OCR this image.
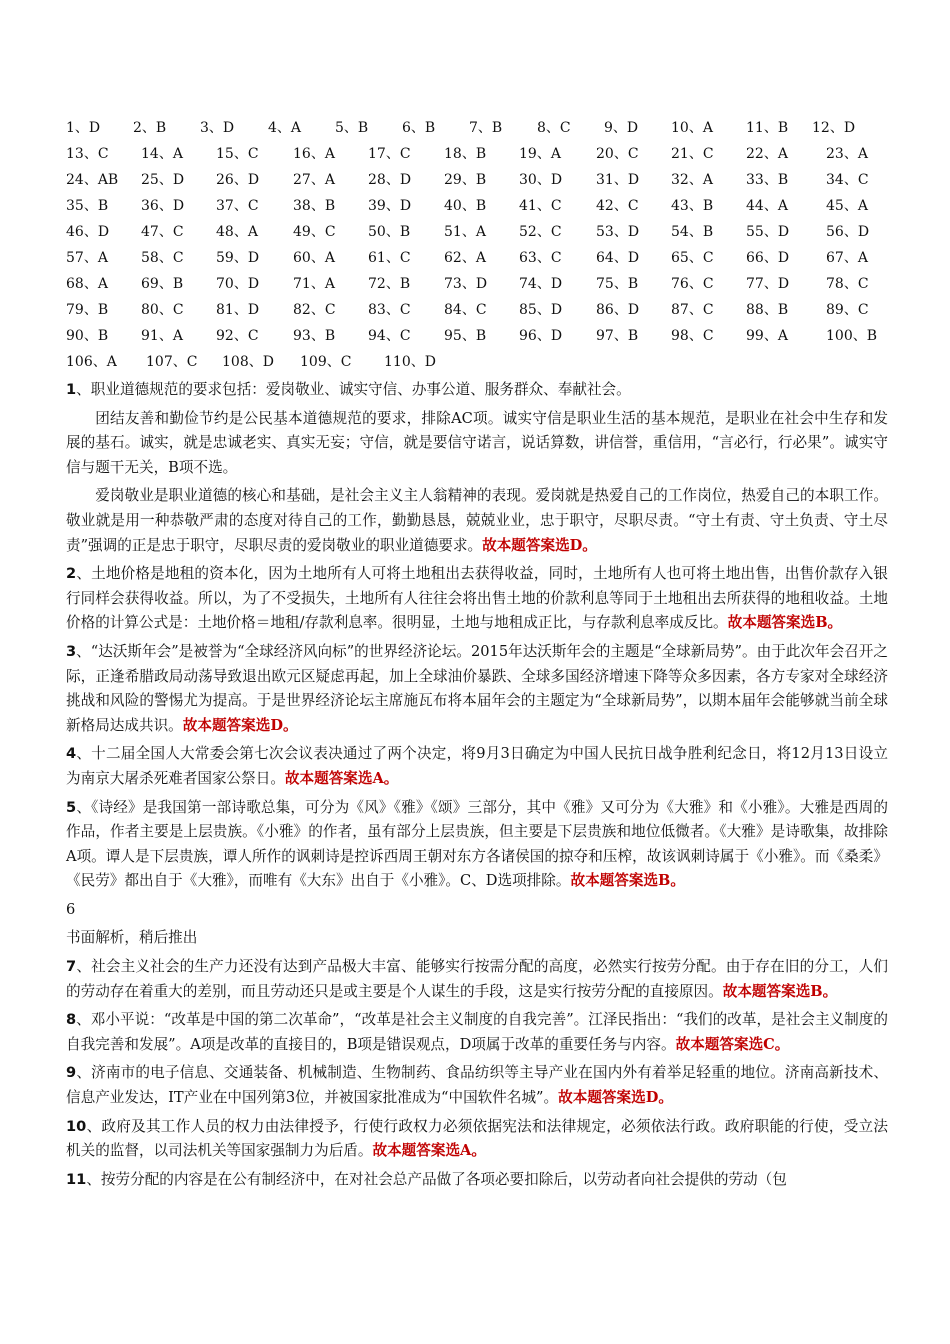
1、D 2、B 3、D 4、A 5、B 6、B 7、B 8、C 9、D 10、A 11、B 12、D
13、C 14、A 15、C 16、A 17、C 18、B 19、A	20、C 21、C 22、A	23、A
24、AB 25、D 26、D 27、A 28、D 29、B 30、D 31、D 32、A 33、B	34、C
35、B 36、D 37、C 38、B 39、D 40、B 41、C 42、C 43、B 44、A	45、A
46、D 47、C 48、A	49、C 50、B 51、A 52、C 53、D 54、B 55、D	56、D
57、A 58、C 59、D 60、A 61、C 62、A 63、C 64、D 65、C 66、D	67、A
68、A 69、B 70、D 71、A 72、B 73、D 74、D 75、B 76、C 77、D	78、C
79、B 80、C 81、D 82、C 83、C 84、C 85、D 86、D 87、C 88、B	89、C
90、B 91、A 92、C 93、B 94、C 95、B 96、D 97、B 98、C 99、A	100、B
106、A 107、C 108、D 109、C 110、D

1、职业道德规范的要求包括：爱岗敬业、诚实守信、办事公道、服务群众、奉献社会。

团结友善和勤俭节约是公民基本道德规范的要求，排除AC项。诚实守信是职业生活的基本规范，是职业在社会中生存和发展的基石。诚实，就是忠诚老实、真实无妄；守信，就是要信守诺言，说话算数，讲信誉，重信用，“言必行，行必果”。诚实守信与题干无关，B项不选。

爱岗敬业是职业道德的核心和基础，是社会主义主人翁精神的表现。爱岗就是热爱自己的工作岗位，热爱自己的本职工作。敬业就是用一种恭敬严肃的态度对待自己的工作，勤勤恳恳，兢兢业业，忠于职守，尽职尽责。“守土有责、守土负责、守土尽责”强调的正是忠于职守，尽职尽责的爱岗敬业的职业道德要求。故本题答案选D。

2、土地价格是地租的资本化，因为土地所有人可将土地租出去获得收益，同时，土地所有人也可将土地出售，出售价款存入银行同样会获得收益。所以，为了不受损失，土地所有人往往会将出售土地的价款利息等同于土地租出去所获得的地租收益。土地价格的计算公式是：土地价格＝地租/存款利息率。很明显，土地与地租成正比，与存款利息率成反比。故本题答案选B。

3、“达沃斯年会”是被誉为“全球经济风向标”的世界经济论坛。2015年达沃斯年会的主题是“全球新局势”。由于此次年会召开之际，正逢希腊政局动荡导致退出欧元区疑虑再起，加上全球油价暴跌、全球多国经济增速下降等众多因素，各方专家对全球经济挑战和风险的警惕尤为提高。于是世界经济论坛主席施瓦布将本届年会的主题定为“全球新局势”，以期本届年会能够就当前全球新格局达成共识。故本题答案选D。

4、十二届全国人大常委会第七次会议表决通过了两个决定，将9月3日确定为中国人民抗日战争胜利纪念日，将12月13日设立为南京大屠杀死难者国家公祭日。故本题答案选A。

5、《诗经》是我国第一部诗歌总集，可分为《风》《雅》《颂》三部分，其中《雅》又可分为《大雅》和《小雅》。大雅是西周的作品，作者主要是上层贵族。《小雅》的作者，虽有部分上层贵族，但主要是下层贵族和地位低微者。《大雅》是诗歌集，故排除A项。谭人是下层贵族，谭人所作的讽刺诗是控诉西周王朝对东方各诸侯国的掠夺和压榨，故该讽刺诗属于《小雅》。而《桑柔》《民劳》都出自于《大雅》，而唯有《大东》出自于《小雅》。C、D选项排除。故本题答案选B。

6

书面解析，稍后推出

7、社会主义社会的生产力还没有达到产品极大丰富、能够实行按需分配的高度，必然实行按劳分配。由于存在旧的分工，人们的劳动存在着重大的差别，而且劳动还只是或主要是个人谋生的手段，这是实行按劳分配的直接原因。故本题答案选B。

8、邓小平说：“改革是中国的第二次革命”，“改革是社会主义制度的自我完善”。江泽民指出：“我们的改革，是社会主义制度的自我完善和发展”。A项是改革的直接目的，B项是错误观点，D项属于改革的重要任务与内容。故本题答案选C。

9、济南市的电子信息、交通装备、机械制造、生物制药、食品纺织等主导产业在国内外有着举足轻重的地位。济南高新技术、信息产业发达，IT产业在中国列第3位，并被国家批准成为“中国软件名城”。故本题答案选D。

10、政府及其工作人员的权力由法律授予，行使行政权力必须依据宪法和法律规定，必须依法行政。政府职能的行使，受立法机关的监督，以司法机关等国家强制力为后盾。故本题答案选A。

11、按劳分配的内容是在公有制经济中，在对社会总产品做了各项必要扣除后，以劳动者向社会提供的劳动（包
